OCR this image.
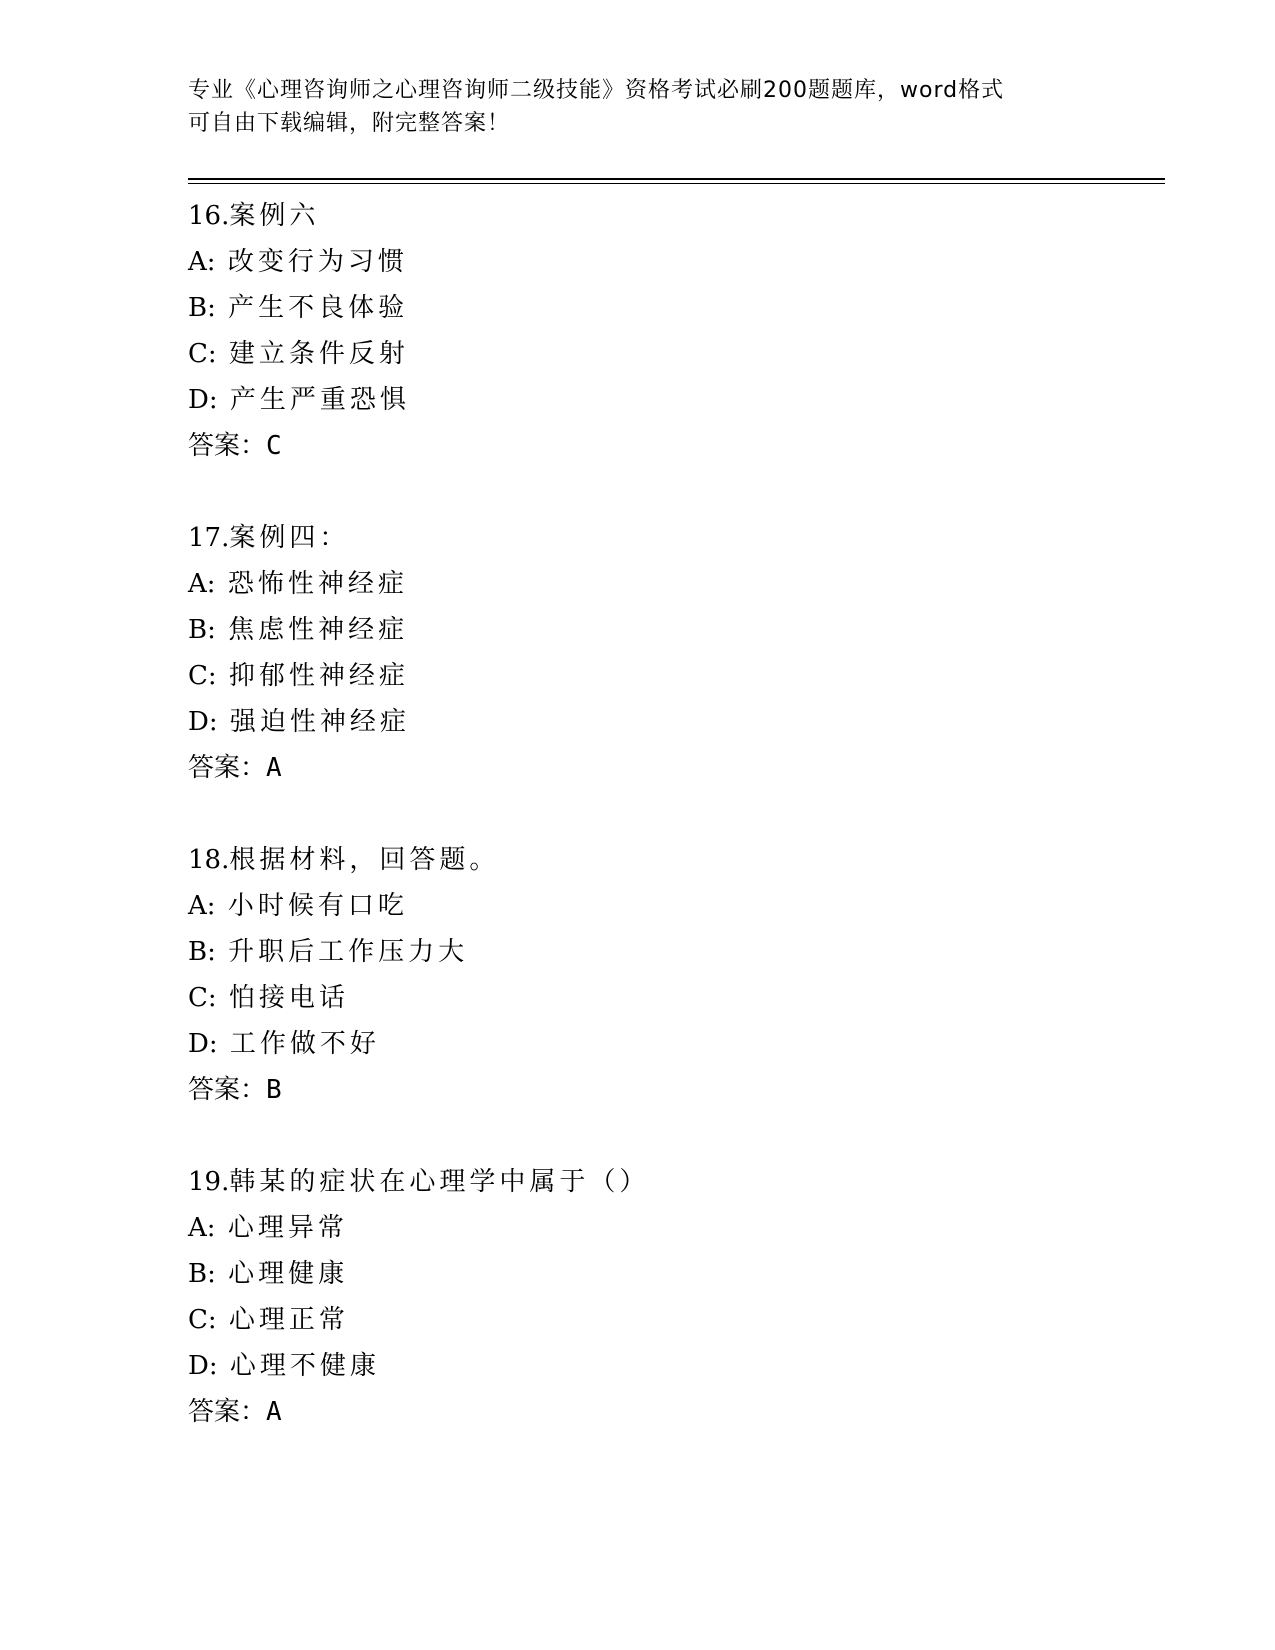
专业《心理咨询师之心理咨询师二级技能》资格考试必刷200题题库，word格式
可自由下载编辑，附完整答案！
16.案例六
A: 改变行为习惯
B: 产生不良体验
C: 建立条件反射
D: 产生严重恐惧
答案：C
17.案例四：
A: 恐怖性神经症
B: 焦虑性神经症
C: 抑郁性神经症
D: 强迫性神经症
答案：A
18.根据材料，回答题。
A: 小时候有口吃
B: 升职后工作压力大
C: 怕接电话
D: 工作做不好
答案：B
19.韩某的症状在心理学中属于（）
A: 心理异常
B: 心理健康
C: 心理正常
D: 心理不健康
答案：A
